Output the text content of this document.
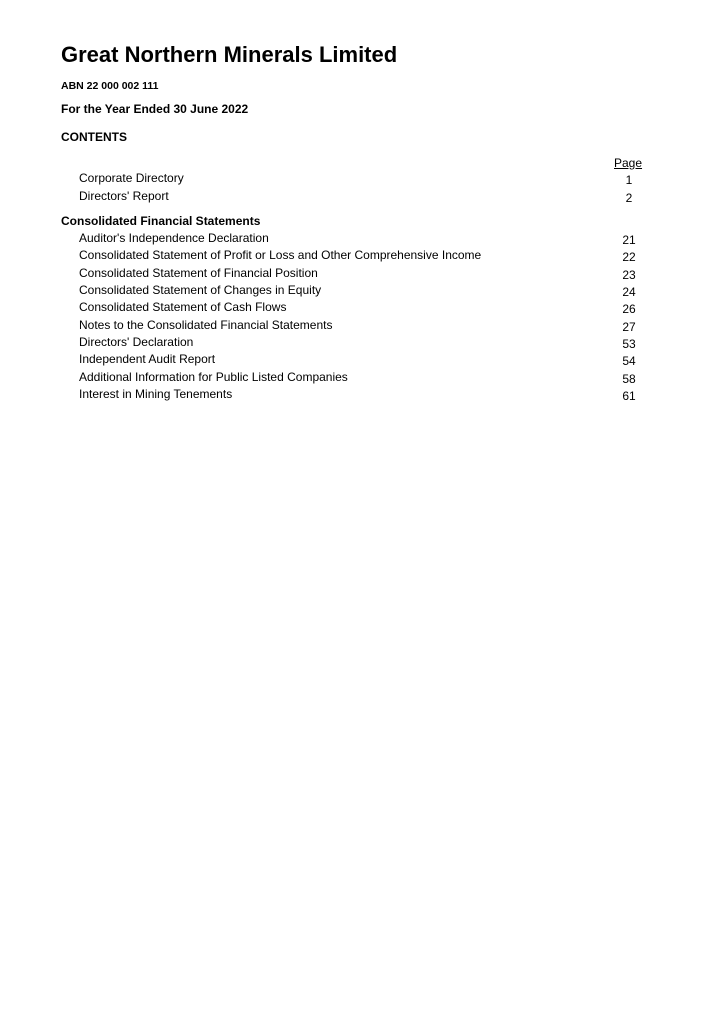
Great Northern Minerals Limited
ABN 22 000 002 111
For the Year Ended 30 June 2022
CONTENTS
Page
Corporate Directory	1
Directors' Report	2
Consolidated Financial Statements
Auditor's Independence Declaration	21
Consolidated Statement of Profit or Loss and Other Comprehensive Income	22
Consolidated Statement of Financial Position	23
Consolidated Statement of Changes in Equity	24
Consolidated Statement of Cash Flows	26
Notes to the Consolidated Financial Statements	27
Directors' Declaration	53
Independent Audit Report	54
Additional Information for Public Listed Companies	58
Interest in Mining Tenements	61
